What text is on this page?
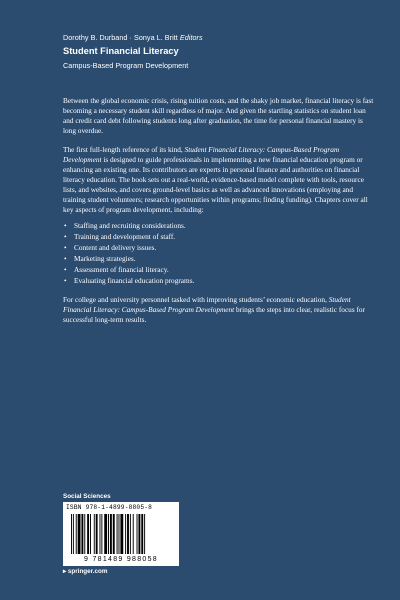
Dorothy B. Durband · Sonya L. Britt Editors
Student Financial Literacy
Campus-Based Program Development

Between the global economic crisis, rising tuition costs, and the shaky job market, financial literacy is fast becoming a necessary student skill regardless of major. And given the startling statistics on student loan and credit card debt following students long after graduation, the time for personal financial mastery is long overdue.

The first full-length reference of its kind, Student Financial Literacy: Campus-Based Program Development is designed to guide professionals in implementing a new financial education program or enhancing an existing one. Its contributors are experts in personal finance and authorities on financial literacy education. The book sets out a real-world, evidence-based model complete with tools, resource lists, and websites, and covers ground-level basics as well as advanced innovations (employing and training student volunteers; research opportunities within programs; finding funding). Chapters cover all key aspects of program development, including:

• Staffing and recruiting considerations.
• Training and development of staff.
• Content and delivery issues.
• Marketing strategies.
• Assessment of financial literacy.
• Evaluating financial education programs.

For college and university personnel tasked with improving students’ economic education, Student Financial Literacy: Campus-Based Program Development brings the steps into clear, realistic focus for successful long-term results.

Social Sciences
ISBN 978-1-4899-8805-8
9 781489 988058
▸ springer.com
